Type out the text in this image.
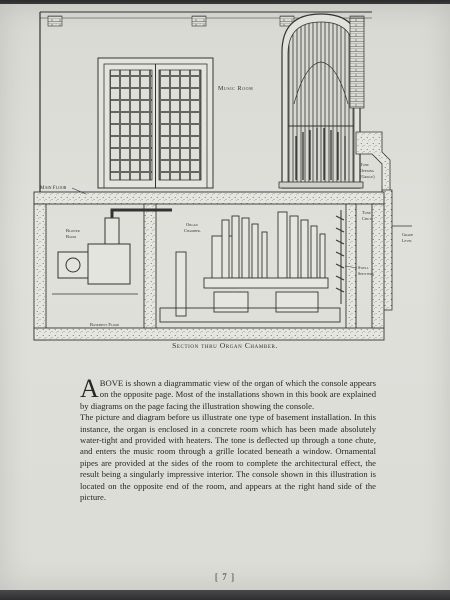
Music Room
Main Floor
Tone
Opening
(Grille)
Tone
Chute
Blower
Room
Organ
Chamber.
Grade
Level
Swell
Shutters
Basement Floor
Section thru Organ Chamber.

ABOVE is shown a diagrammatic view of the organ of which the console appears on the opposite page. Most of the installations shown in this book are explained by diagrams on the page facing the illustration showing the console.

The picture and diagram before us illustrate one type of basement installation. In this instance, the organ is enclosed in a concrete room which has been made absolutely water-tight and provided with heaters. The tone is deflected up through a tone chute, and enters the music room through a grille located beneath a window. Ornamental pipes are provided at the sides of the room to complete the architectural effect, the result being a singularly impressive interior. The console shown in this illustration is located on the opposite end of the room, and appears at the right hand side of the picture.

[ 7 ]
